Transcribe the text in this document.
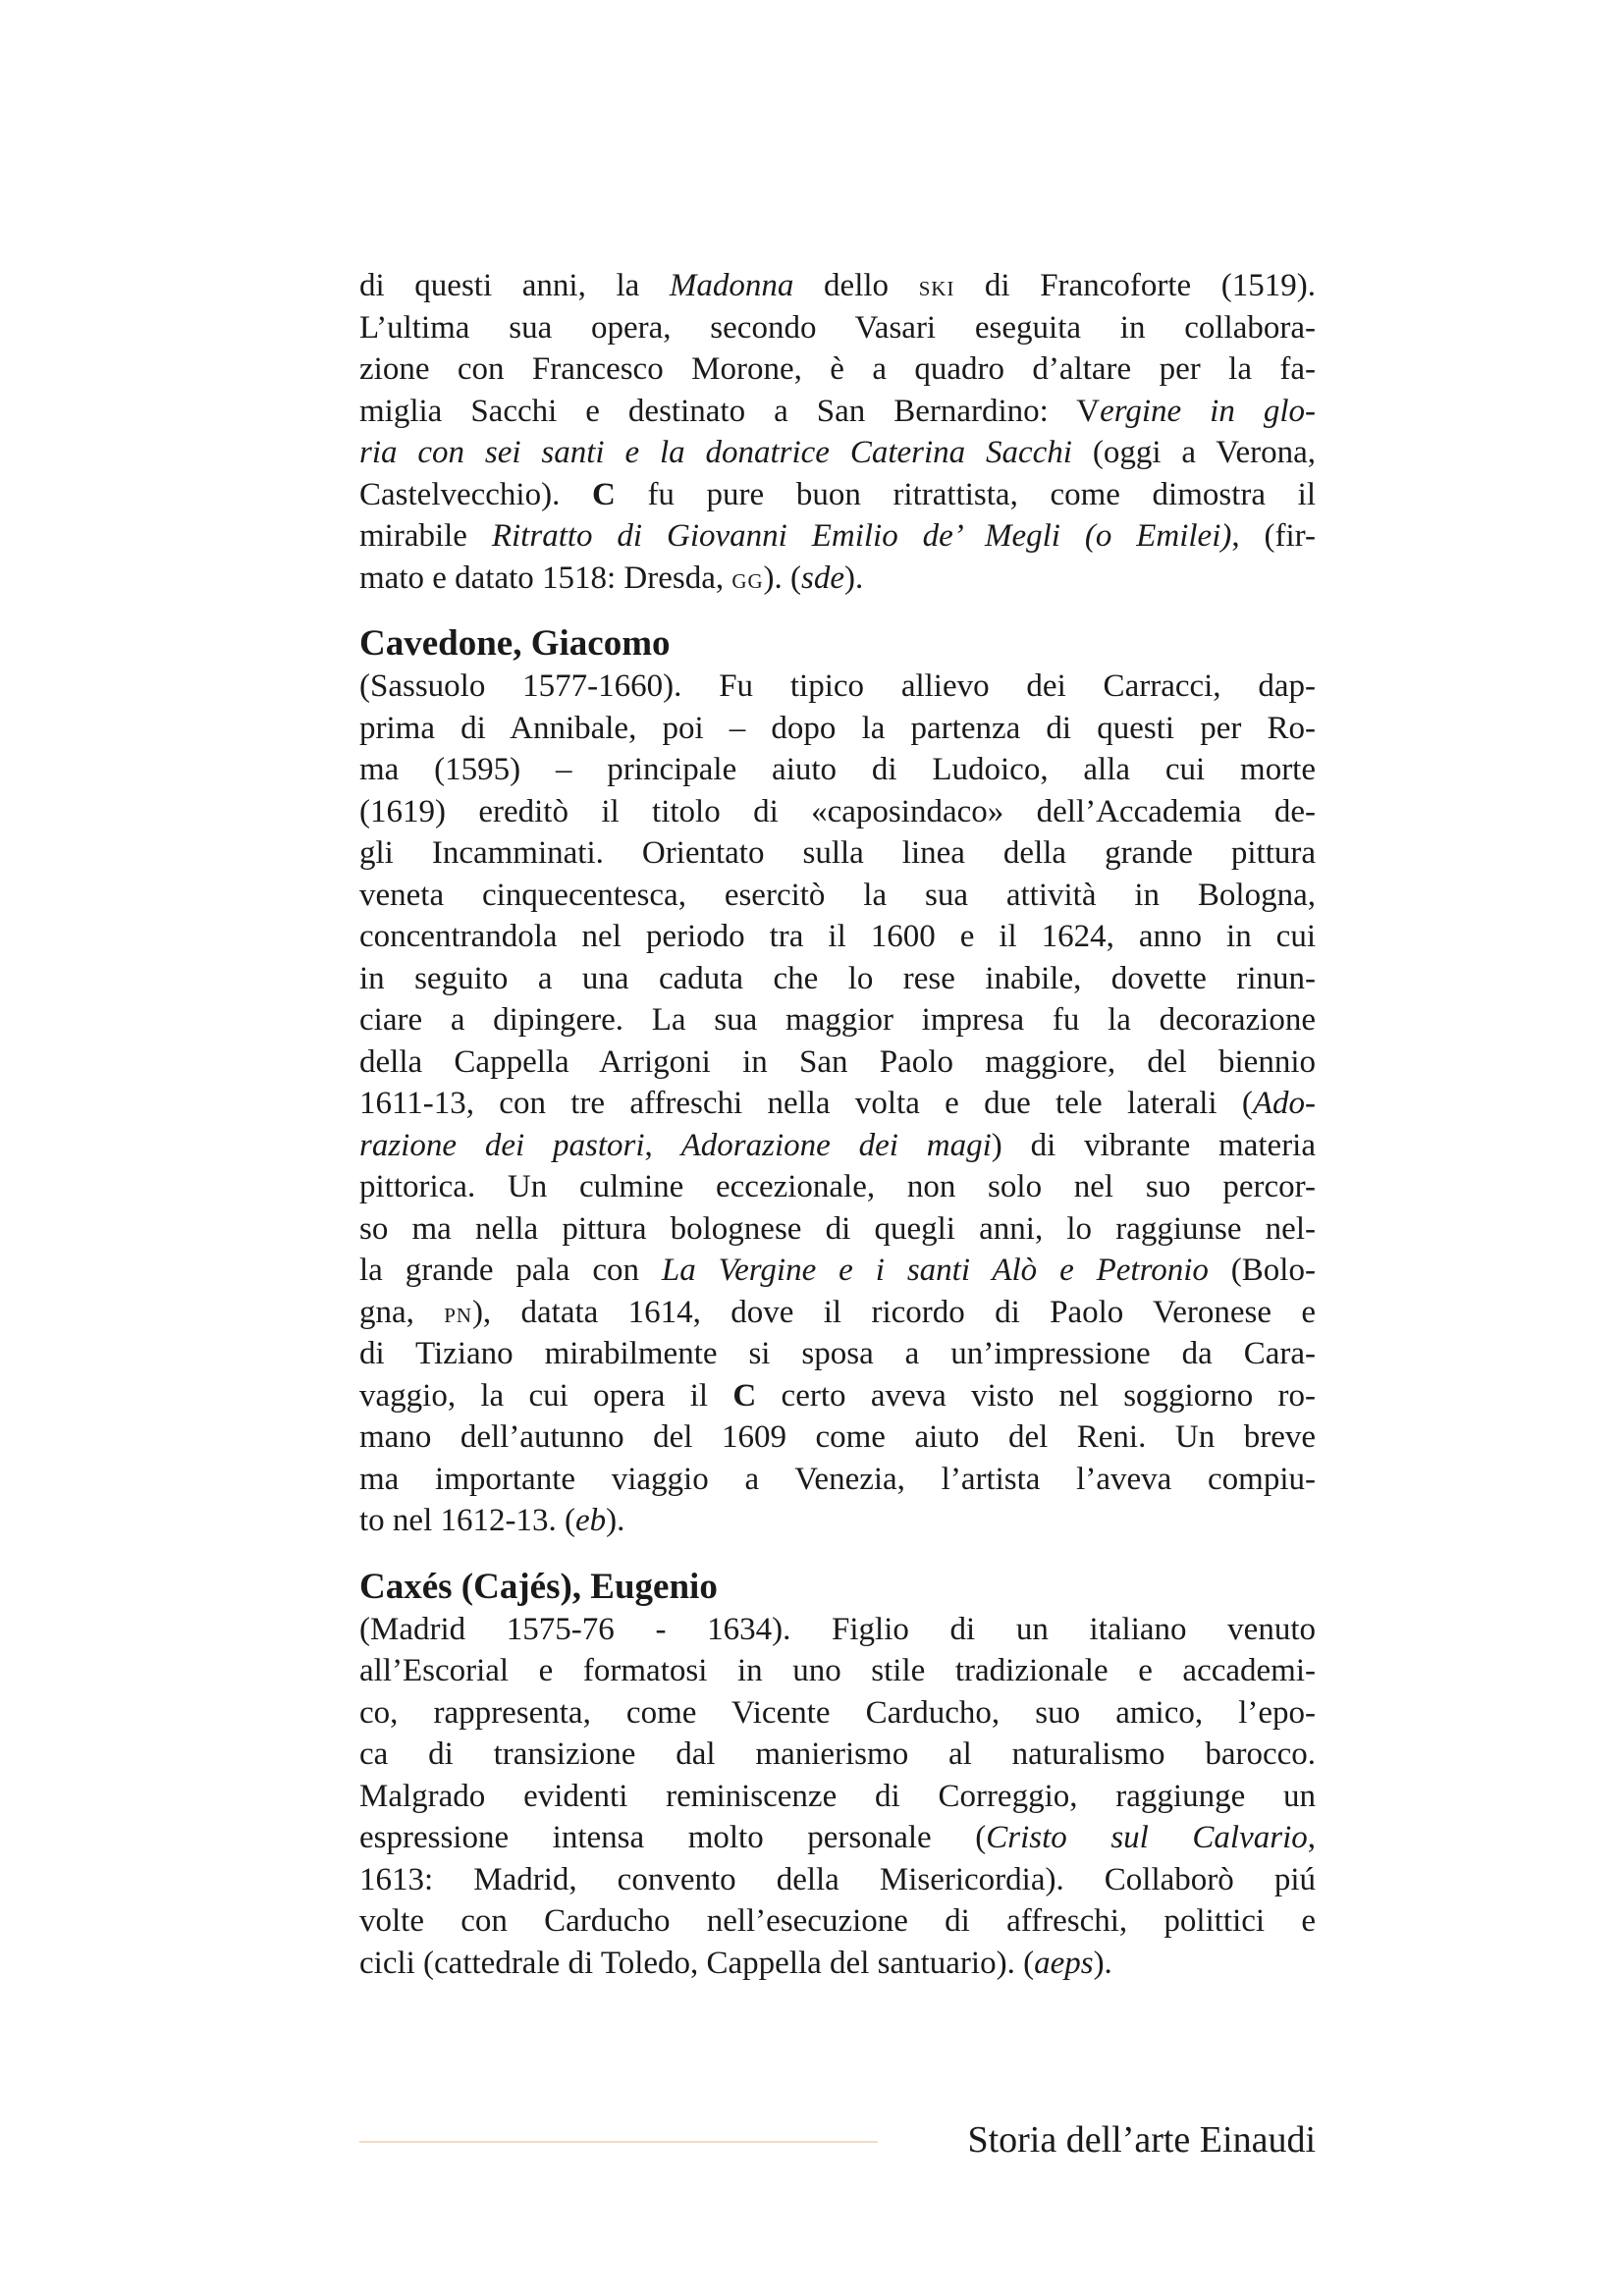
di questi anni, la Madonna dello ski di Francoforte (1519).
L’ultima sua opera, secondo Vasari eseguita in collabora-
zione con Francesco Morone, è a quadro d’altare per la fa-
miglia Sacchi e destinato a San Bernardino: Vergine in glo-
ria con sei santi e la donatrice Caterina Sacchi (oggi a Verona,
Castelvecchio). C fu pure buon ritrattista, come dimostra il
mirabile Ritratto di Giovanni Emilio de’ Megli (o Emilei), (fir-
mato e datato 1518: Dresda, gg). (sde).
Cavedone, Giacomo
(Sassuolo 1577-1660). Fu tipico allievo dei Carracci, dap-
prima di Annibale, poi – dopo la partenza di questi per Ro-
ma (1595) – principale aiuto di Ludoico, alla cui morte
(1619) ereditò il titolo di «caposindaco» dell’Accademia de-
gli Incamminati. Orientato sulla linea della grande pittura
veneta cinquecentesca, esercitò la sua attività in Bologna,
concentrandola nel periodo tra il 1600 e il 1624, anno in cui
in seguito a una caduta che lo rese inabile, dovette rinun-
ciare a dipingere. La sua maggior impresa fu la decorazione
della Cappella Arrigoni in San Paolo maggiore, del biennio
1611-13, con tre affreschi nella volta e due tele laterali (Ado-
razione dei pastori, Adorazione dei magi) di vibrante materia
pittorica. Un culmine eccezionale, non solo nel suo percor-
so ma nella pittura bolognese di quegli anni, lo raggiunse nel-
la grande pala con La Vergine e i santi Alò e Petronio (Bolo-
gna, pn), datata 1614, dove il ricordo di Paolo Veronese e
di Tiziano mirabilmente si sposa a un’impressione da Cara-
vaggio, la cui opera il C certo aveva visto nel soggiorno ro-
mano dell’autunno del 1609 come aiuto del Reni. Un breve
ma importante viaggio a Venezia, l’artista l’aveva compiu-
to nel 1612-13. (eb).
Caxés (Cajés), Eugenio
(Madrid 1575-76 - 1634). Figlio di un italiano venuto
all’Escorial e formatosi in uno stile tradizionale e accademi-
co, rappresenta, come Vicente Carducho, suo amico, l’epo-
ca di transizione dal manierismo al naturalismo barocco.
Malgrado evidenti reminiscenze di Correggio, raggiunge un
espressione intensa molto personale (Cristo sul Calvario,
1613: Madrid, convento della Misericordia). Collaborò piú
volte con Carducho nell’esecuzione di affreschi, polittici e
cicli (cattedrale di Toledo, Cappella del santuario). (aeps).
Storia dell’arte Einaudi
